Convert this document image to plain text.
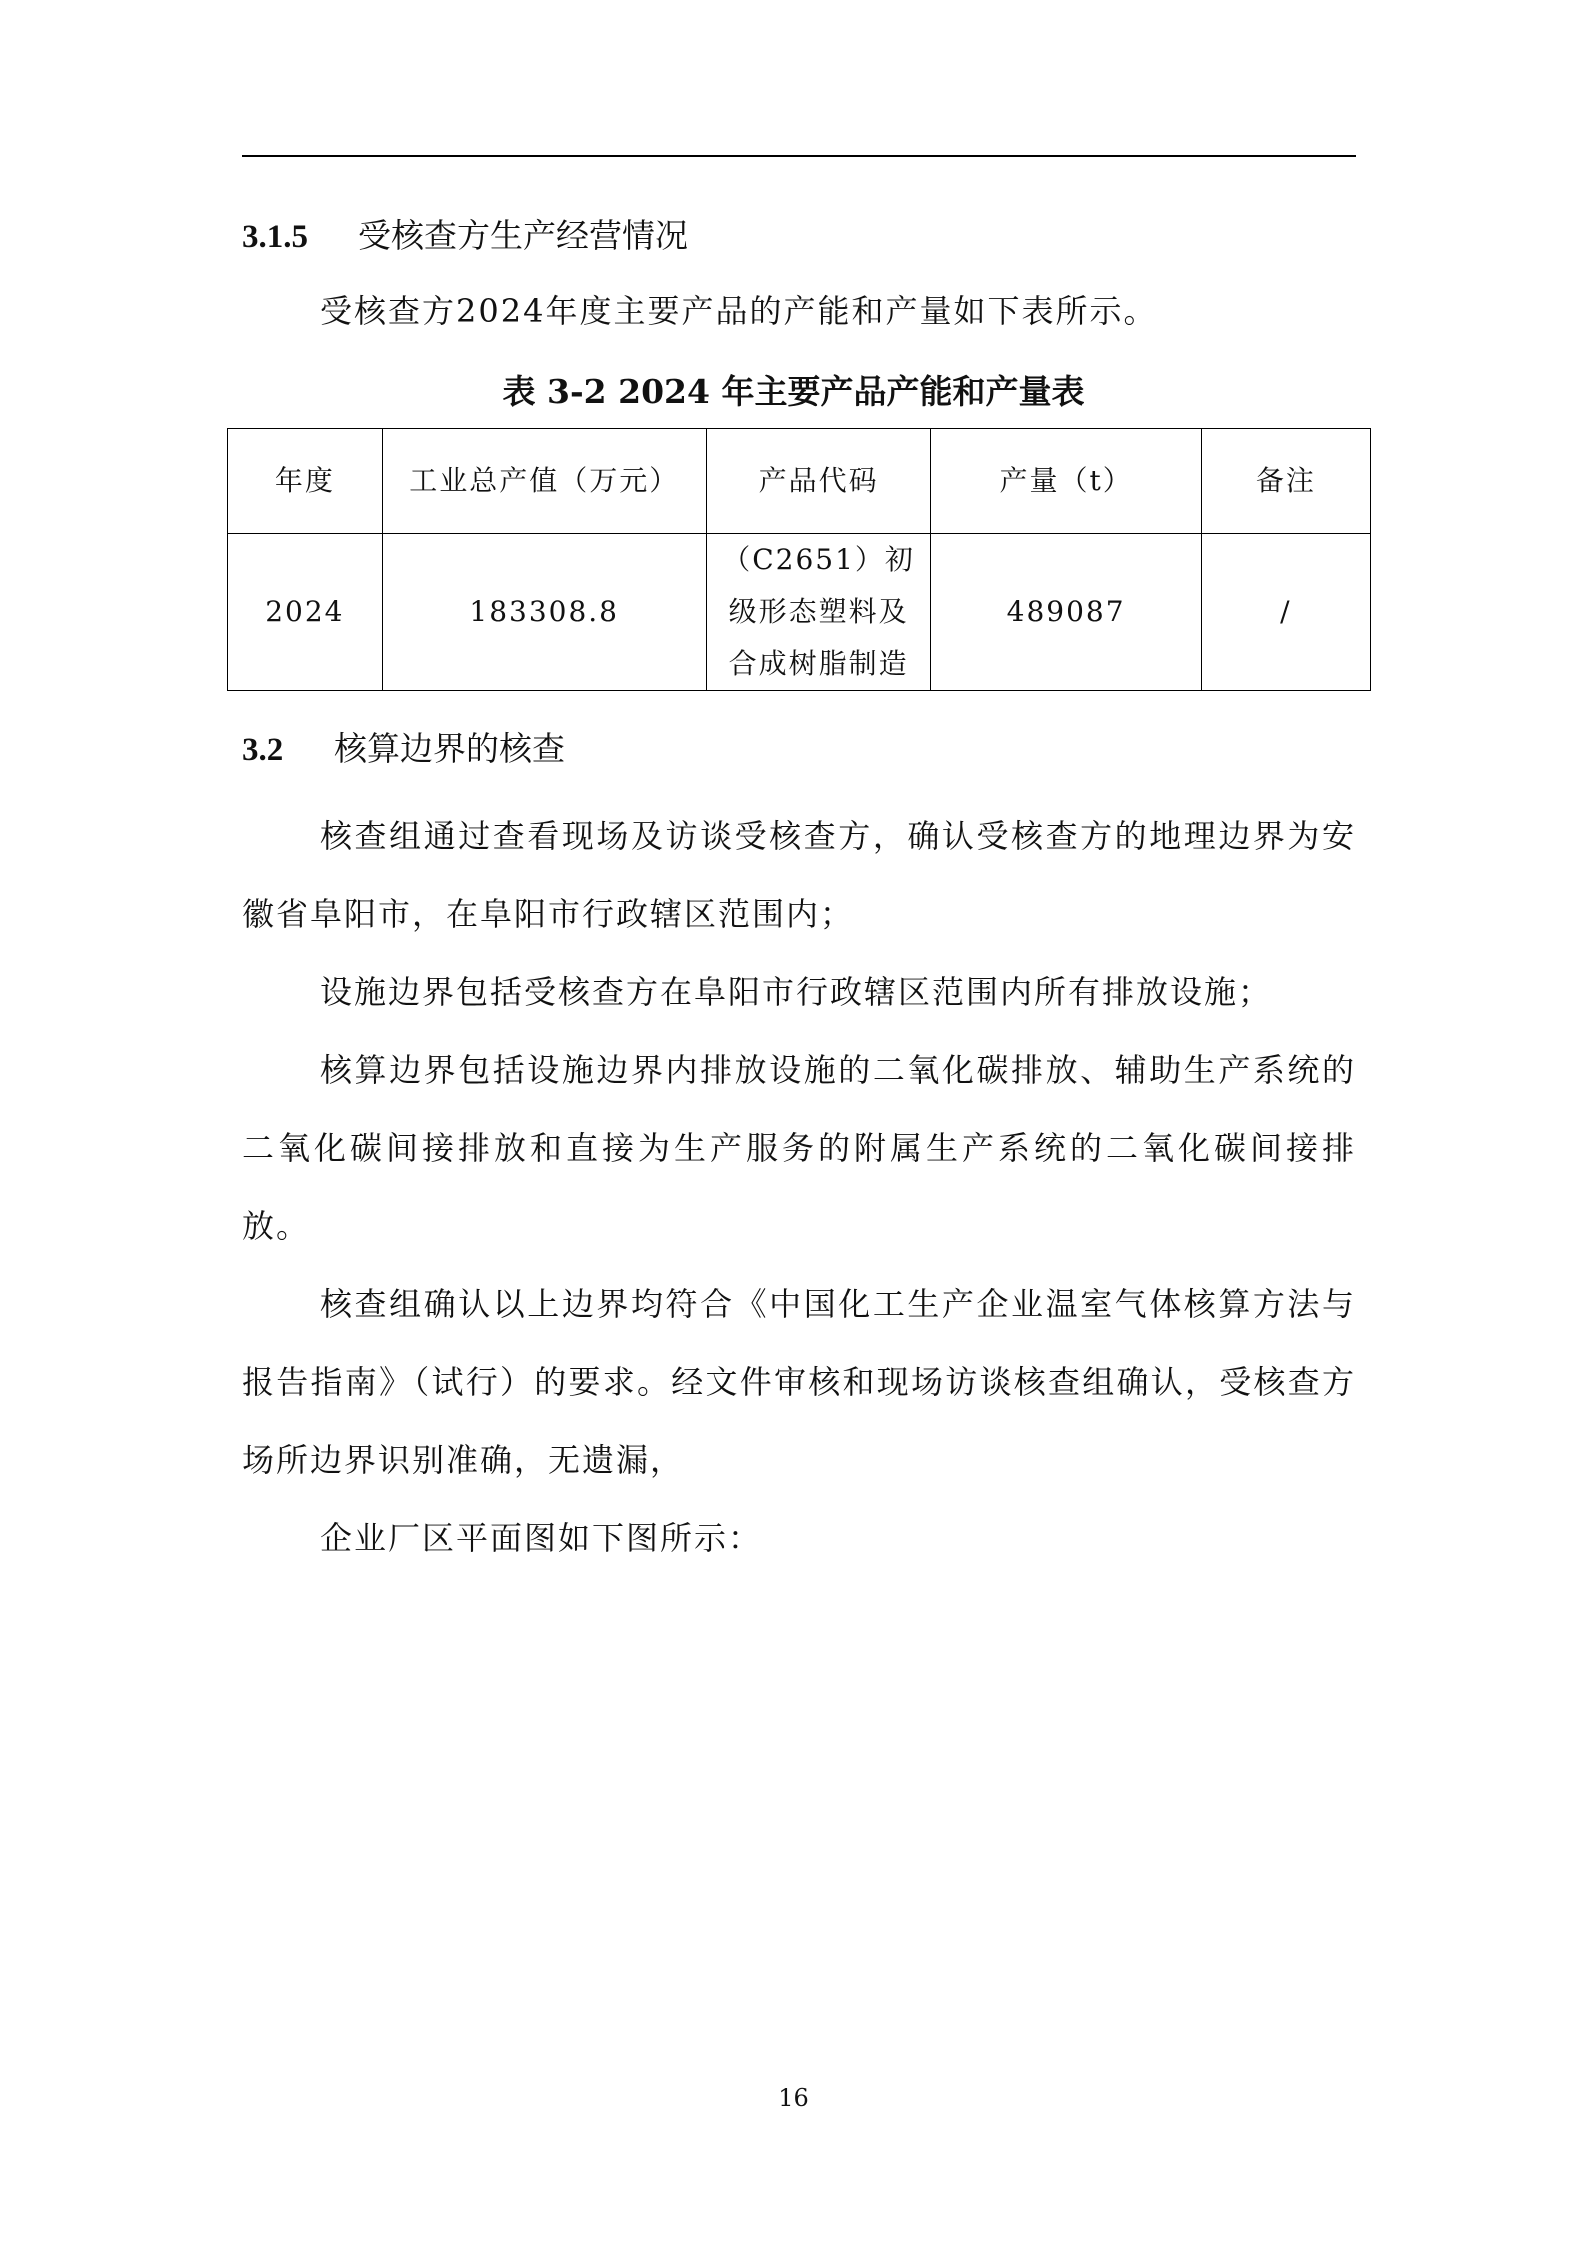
3.1.5 受核查方生产经营情况
受核查方2024年度主要产品的产能和产量如下表所示。
表 3-2 2024 年主要产品产能和产量表
年度	工业总产值（万元）	产品代码	产量（t）	备注
2024	183308.8	（C2651）初级形态塑料及合成树脂制造	489087	/
3.2 核算边界的核查
核查组通过查看现场及访谈受核查方，确认受核查方的地理边界为安徽省阜阳市，在阜阳市行政辖区范围内；
设施边界包括受核查方在阜阳市行政辖区范围内所有排放设施；
核算边界包括设施边界内排放设施的二氧化碳排放、辅助生产系统的二氧化碳间接排放和直接为生产服务的附属生产系统的二氧化碳间接排放。
核查组确认以上边界均符合《中国化工生产企业温室气体核算方法与报告指南》（试行）的要求。经文件审核和现场访谈核查组确认，受核查方场所边界识别准确，无遗漏，
企业厂区平面图如下图所示：
16
